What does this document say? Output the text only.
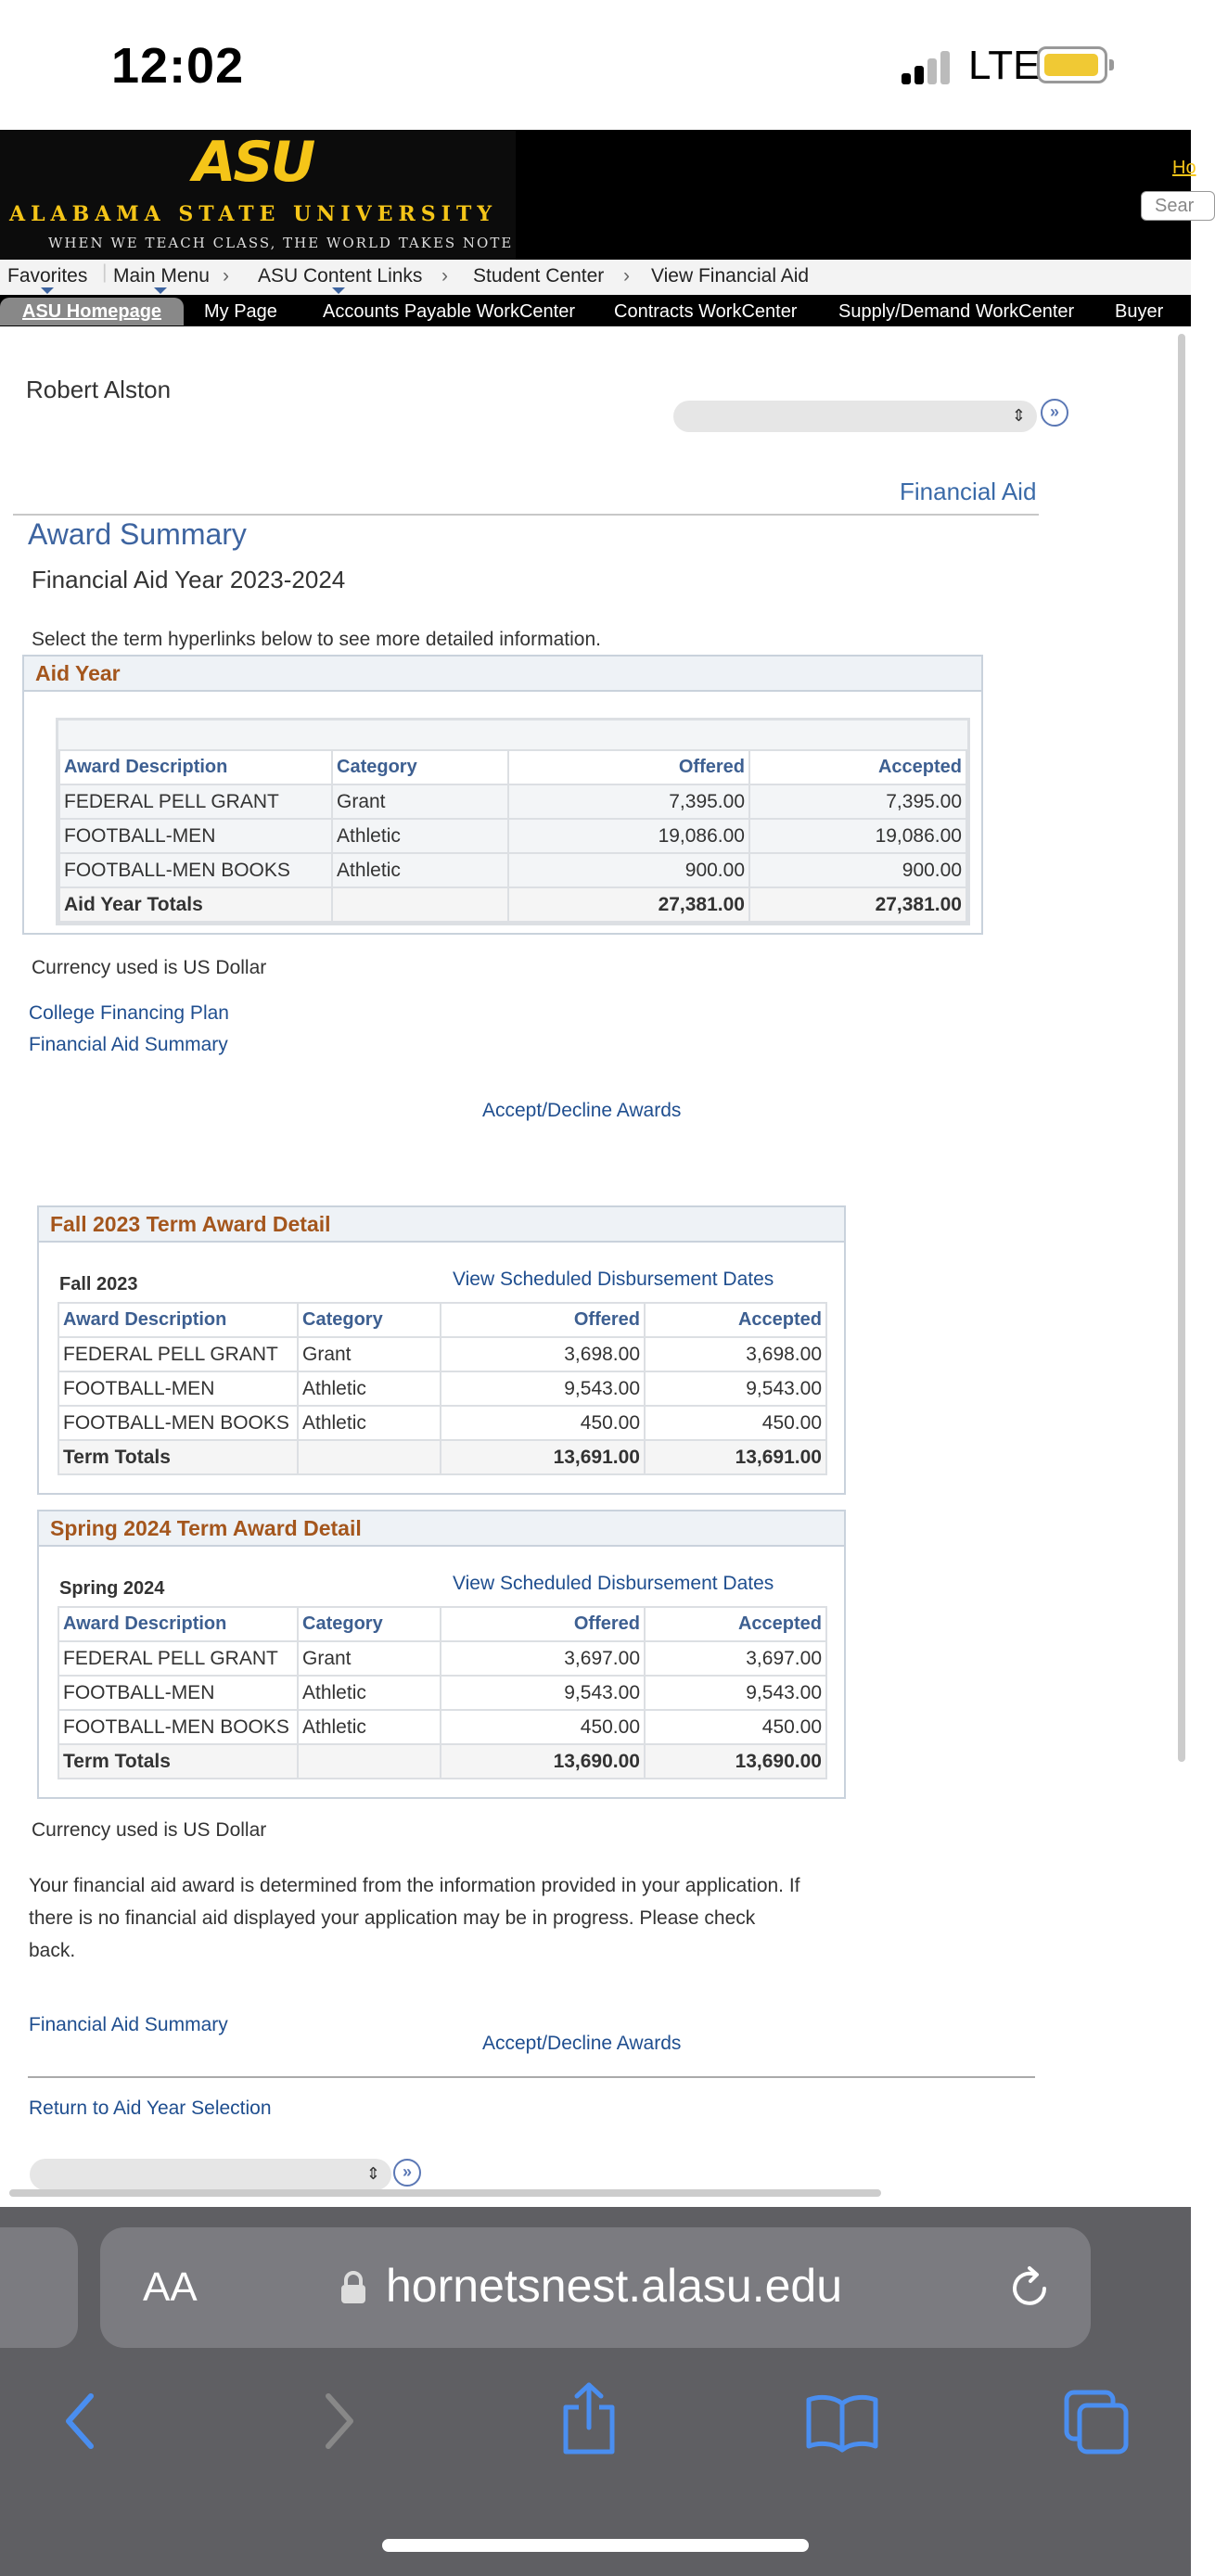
12:02	LTE
ASU
ALABAMA STATE UNIVERSITY
WHEN WE TEACH CLASS, THE WORLD TAKES NOTE
Ho
Sear
Favorites | Main Menu › ASU Content Links › Student Center › View Financial Aid
ASU Homepage	My Page	Accounts Payable WorkCenter	Contracts WorkCenter	Supply/Demand WorkCenter	Buyer Wo
Robert Alston
⇕	»
Financial Aid
Award Summary
Financial Aid Year 2023-2024
Select the term hyperlinks below to see more detailed information.
Aid Year
Award Description	Category	Offered	Accepted
FEDERAL PELL GRANT	Grant	7,395.00	7,395.00
FOOTBALL-MEN	Athletic	19,086.00	19,086.00
FOOTBALL-MEN BOOKS	Athletic	900.00	900.00
Aid Year Totals		27,381.00	27,381.00
Currency used is US Dollar
College Financing Plan
Financial Aid Summary
Accept/Decline Awards
Fall 2023 Term Award Detail
Fall 2023	View Scheduled Disbursement Dates
Award Description	Category	Offered	Accepted
FEDERAL PELL GRANT	Grant	3,698.00	3,698.00
FOOTBALL-MEN	Athletic	9,543.00	9,543.00
FOOTBALL-MEN BOOKS	Athletic	450.00	450.00
Term Totals		13,691.00	13,691.00
Spring 2024 Term Award Detail
Spring 2024	View Scheduled Disbursement Dates
Award Description	Category	Offered	Accepted
FEDERAL PELL GRANT	Grant	3,697.00	3,697.00
FOOTBALL-MEN	Athletic	9,543.00	9,543.00
FOOTBALL-MEN BOOKS	Athletic	450.00	450.00
Term Totals		13,690.00	13,690.00
Currency used is US Dollar
Your financial aid award is determined from the information provided in your application. If
there is no financial aid displayed your application may be in progress. Please check
back.
Financial Aid Summary
Accept/Decline Awards
Return to Aid Year Selection
⇕	»
AA	hornetsnest.alasu.edu
